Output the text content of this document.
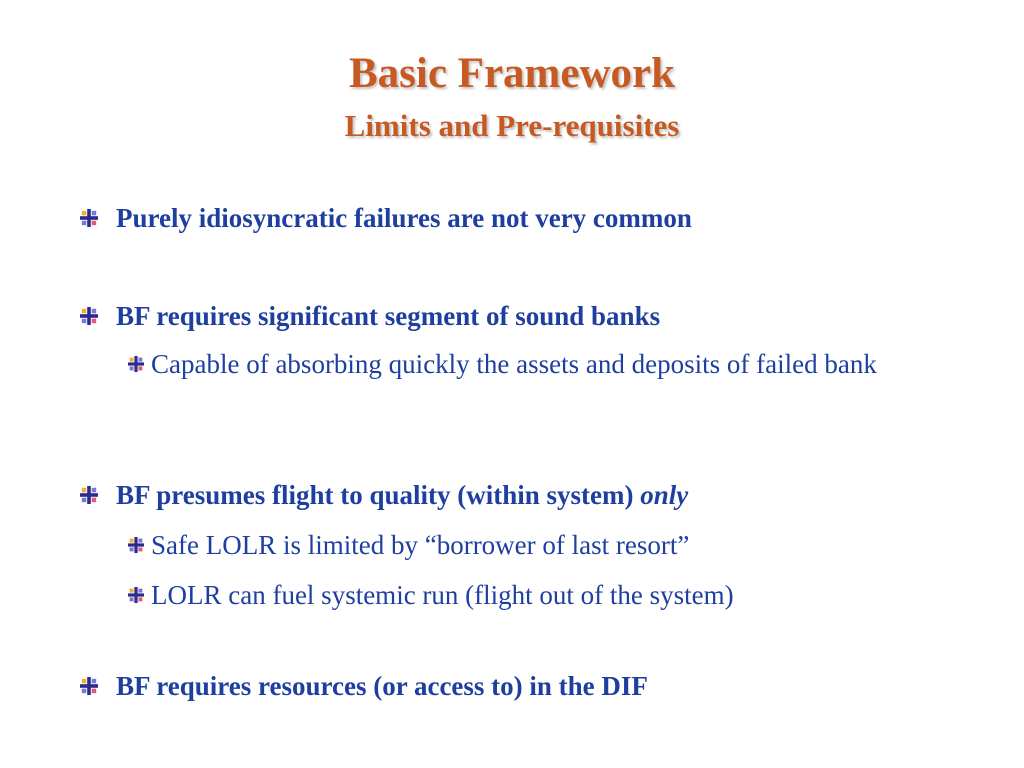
Basic Framework
Limits and Pre-requisites
Purely idiosyncratic failures are not very common
BF requires significant segment of sound banks
Capable of absorbing quickly the assets and deposits of failed bank
BF presumes flight to quality (within system) only
Safe LOLR is limited by “borrower of last resort”
LOLR can fuel systemic run (flight out of the system)
BF requires resources (or access to) in the DIF
